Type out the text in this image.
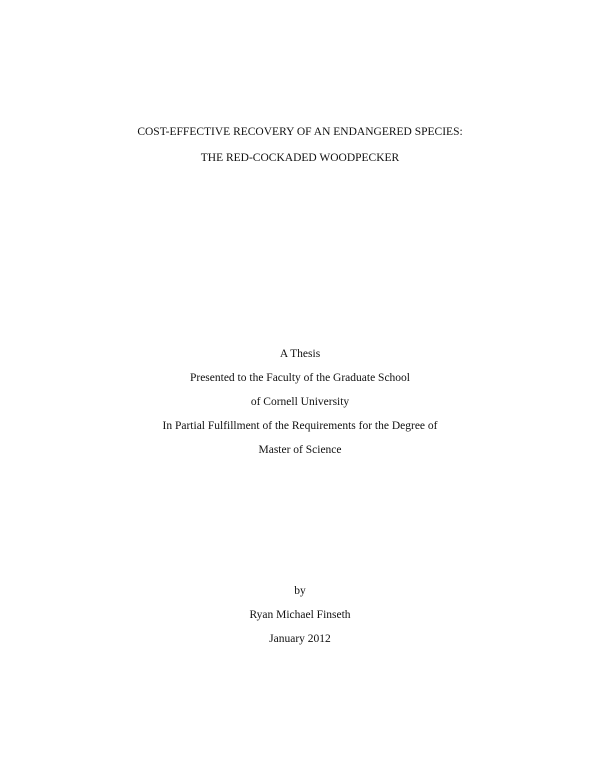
COST-EFFECTIVE RECOVERY OF AN ENDANGERED SPECIES:
THE RED-COCKADED WOODPECKER
A Thesis
Presented to the Faculty of the Graduate School
of Cornell University
In Partial Fulfillment of the Requirements for the Degree of
Master of Science
by
Ryan Michael Finseth
January 2012
